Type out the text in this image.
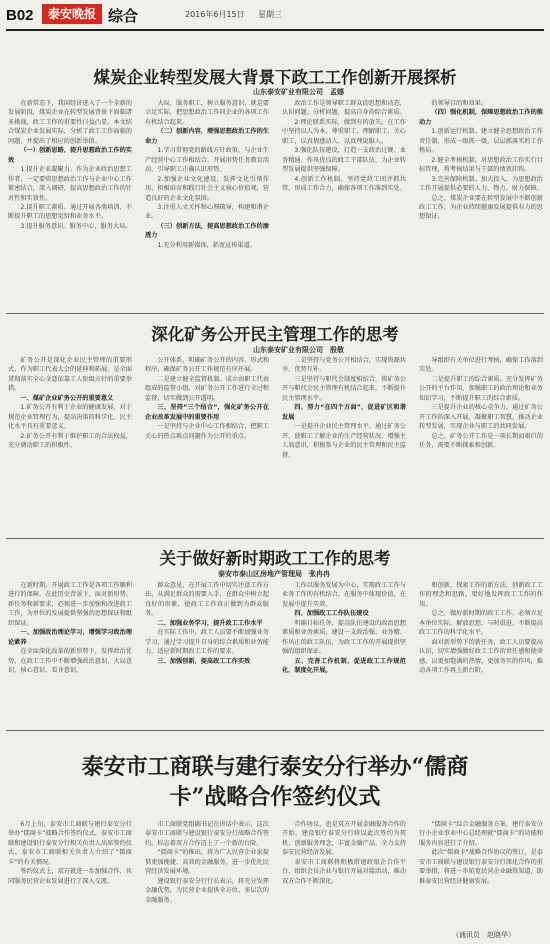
B02	泰安晚报 综合	2016年6月15日 星期三
煤炭企业转型发展大背景下政工工作创新开展探析
山东泰安矿业有限公司　孟娜

在新常态下，我国经济进入了一个全新的发展阶段，煤炭企业在转型发展背景下面临诸多挑战，政工工作的重要性日益凸显。本文结合煤炭企业发展实际，分析了政工工作面临的问题，并提出了相应的创新举措。

（一）创新思路，提升思想政治工作的实效

1.提升企业凝聚力。作为企业政治思想工作者，一定要将思想政治工作与企业中心工作紧密结合，深入调研，提高思想政治工作的针对性和实效性。

2.提升职工素质。通过开展各类培训，不断提升职工的思想觉悟和业务水平。

3.提升服务意识。服务中心，服务大局。

大局，服务职工，树立服务意识，就是要立足实际，把思想政治工作同企业的各项工作有机结合起来。

（二）创新内容，增强思想政治工作的生命力

1.学习贯彻党的路线方针政策，与企业生产经营中心工作相结合，开展形势任务教育活动，引导职工正确认识形势。

2.加强企业文化建设，发挥文化引领作用，积极培育和践行社会主义核心价值观，营造良好的企业文化氛围。

3.注重人文关怀和心理疏导，构建和谐企业。

（三）创新方法，提高思想政治工作的渗透力

1.充分利用新媒体，拓宽宣传渠道。

政治工作是领导职工群众的思想和动态，认识问题、分析问题，提高自身的综合素质。

2.理论联系实际，做到有的放矢。在工作中坚持以人为本，尊重职工、理解职工、关心职工，以真情感动人、以真理说服人。

3.强化队伍建设，打造一支政治过硬、业务精通、作风优良的政工干部队伍，为企业转型发展提供坚强保障。

4.创新工作机制。坚持党政工团齐抓共管，形成工作合力，确保各项工作落到实处。

的领导目的和效果。

（四）强化机制，保障思想政治工作的推动力

1.创新运行机制。建立健全思想政治工作责任制，形成一级抓一级、层层抓落实的工作格局。

2.健全考核机制。对思想政治工作实行目标管理，将考核结果与干部的绩效挂钩。

3.完善保障机制。加大投入，为思想政治工作开展提供必要的人力、物力、财力保障。

总之，煤炭企业要在转型发展中不断创新政工工作，为企业持续健康发展提供有力的思想保证。

深化矿务公开民主管理工作的思考
山东泰安矿业有限公司　殷敬

矿务公开是深化企业民主管理的重要形式，作为职工代表大会的延伸和拓展，是全面贯彻落实全心全意依靠工人阶级方针的重要举措。

一、煤矿企业矿务公开的重要意义

1.矿务公开有利于企业的健康发展，对于规范企业管理行为，提高决策的科学化、民主化水平具有重要意义。

2.矿务公开有利于维护职工的合法权益，充分调动职工的积极性。

公开体系，明确矿务公开的内容、形式和程序，确保矿务公开工作规范有序开展。

二是建立健全监督机制。成立由职工代表组成的监督小组，对矿务公开工作进行全过程监督，切实做到公开透明。

三、坚持“三个结合”，强化矿务公开在企业改革发展中的重要作用

一是坚持与企业中心工作相结合，把职工关心的热点难点问题作为公开的重点。

二是坚持与党务公开相结合，实现资源共享、优势互补。

三是坚持与职代会制度相结合，将矿务公开与职代会民主管理有机结合起来，不断提升民主管理水平。

四、努力“在四个方面”，促进矿区和谐发展

一是提升企业民主管理水平。通过矿务公开，使职工了解企业的生产经营状况，增强主人翁意识，积极参与企业的民主管理和民主监督。

导组织有关单位进行考核，确保工作落到实处。

二是提升职工的综合素质。充分发挥矿务公开的平台作用，加强职工的政治理论和业务知识学习，不断提升职工的综合素质。

三是提升企业的核心竞争力。通过矿务公开工作的深入开展，凝聚职工智慧，推动企业转型发展，实现企业与职工的共同发展。

总之，矿务公开工作是一项长期而艰巨的任务，需要不断探索和创新。

关于做好新时期政工工作的思考
泰安市泰山区房地产管理局　张冉冉

在新时期，开展政工工作是各项工作顺利进行的保障，在此历史背景下，面对新形势、新任务和新要求，必须进一步加强和改进政工工作，为单位的发展提供坚强的思想保证和组织保证。

一、加强政治理论学习，增强学习政治理论素养

在全面深化改革的新形势下，发挥政治优势，在政工工作中不断增强政治意识、大局意识、核心意识、看齐意识。

群众意见，在开展工作中切实注意工作方法，从满足群众的需要入手，在群众中树立起良好的形象，使政工工作真正做到为群众服务。

二、加强业务学习，提升政工工作水平

在实际工作中，政工人员要不断加强业务学习，通过学习提升自身的综合素质和业务能力，适应新时期政工工作的要求。

三、加强创新，提高政工工作实效

工作以服务发展为中心，实现政工工作与业务工作的有机结合，在服务中体现价值，在发展中提升实效。

四、加强政工工作队伍建设

明确目标任务，提高队伍建设的政治思想素质和业务素质，建设一支政治强、业务精、作风正的政工队伍，为政工工作的开展提供坚强的组织保证。

五、完善工作机制，促进政工工作规范化、制度化开展。

和创新，探索工作的新方法，创新政工工作的理念和思路，更好地发挥政工工作的作用。

总之，做好新时期的政工工作，必须立足本单位实际，解放思想，与时俱进，不断提高政工工作的科学化水平。

面对新形势下的新任务，政工人员要提高认识，切实增强做好政工工作的责任感和使命感，以更加饱满的热情、更加务实的作风，推动各项工作再上新台阶。

泰安市工商联与建行泰安分行举办“儒商卡”战略合作签约仪式

6月上旬，泰安市工商联与建行泰安分行举办“儒商卡”战略合作签约仪式，泰安市工商联和建设银行泰安分行相关负责人出席签约仪式。泰安市工商联相关负责人介绍了“儒商卡”的有关情况。

签约仪式上，双方就进一步加强合作，共同服务民营企业发展进行了深入交流。

市工商联党组副书记在讲话中表示，这次泰安市工商联与建设银行泰安分行战略合作签约，标志着双方合作迈上了一个新的台阶。

“儒商卡”的推出，将为广大民营企业家提供更加便捷、高效的金融服务，进一步优化民营经济发展环境。

建设银行泰安分行行长表示，将充分发挥金融优势，为民营企业提供全方位、多层次的金融服务。

合作协议，也是双方开展金融服务合作的开始。建设银行泰安分行将以此次签约为契机，创新服务理念，丰富金融产品，全力支持泰安民营经济发展。

泰安市工商联将积极搭建政银企合作平台，组织会员企业与银行开展对接活动，推动双方合作不断深化。

“儒商卡”综合金融服务方案，建行泰安分行小企业事业中心总经理就“儒商卡”的功能和服务内容进行了介绍。

此次“儒商卡”战略合作协议的签订，是泰安市工商联与建设银行泰安分行深化合作的重要举措，将进一步拓宽民营企业融资渠道，助推泰安民营经济健康发展。

（通讯员　赵晓华）
